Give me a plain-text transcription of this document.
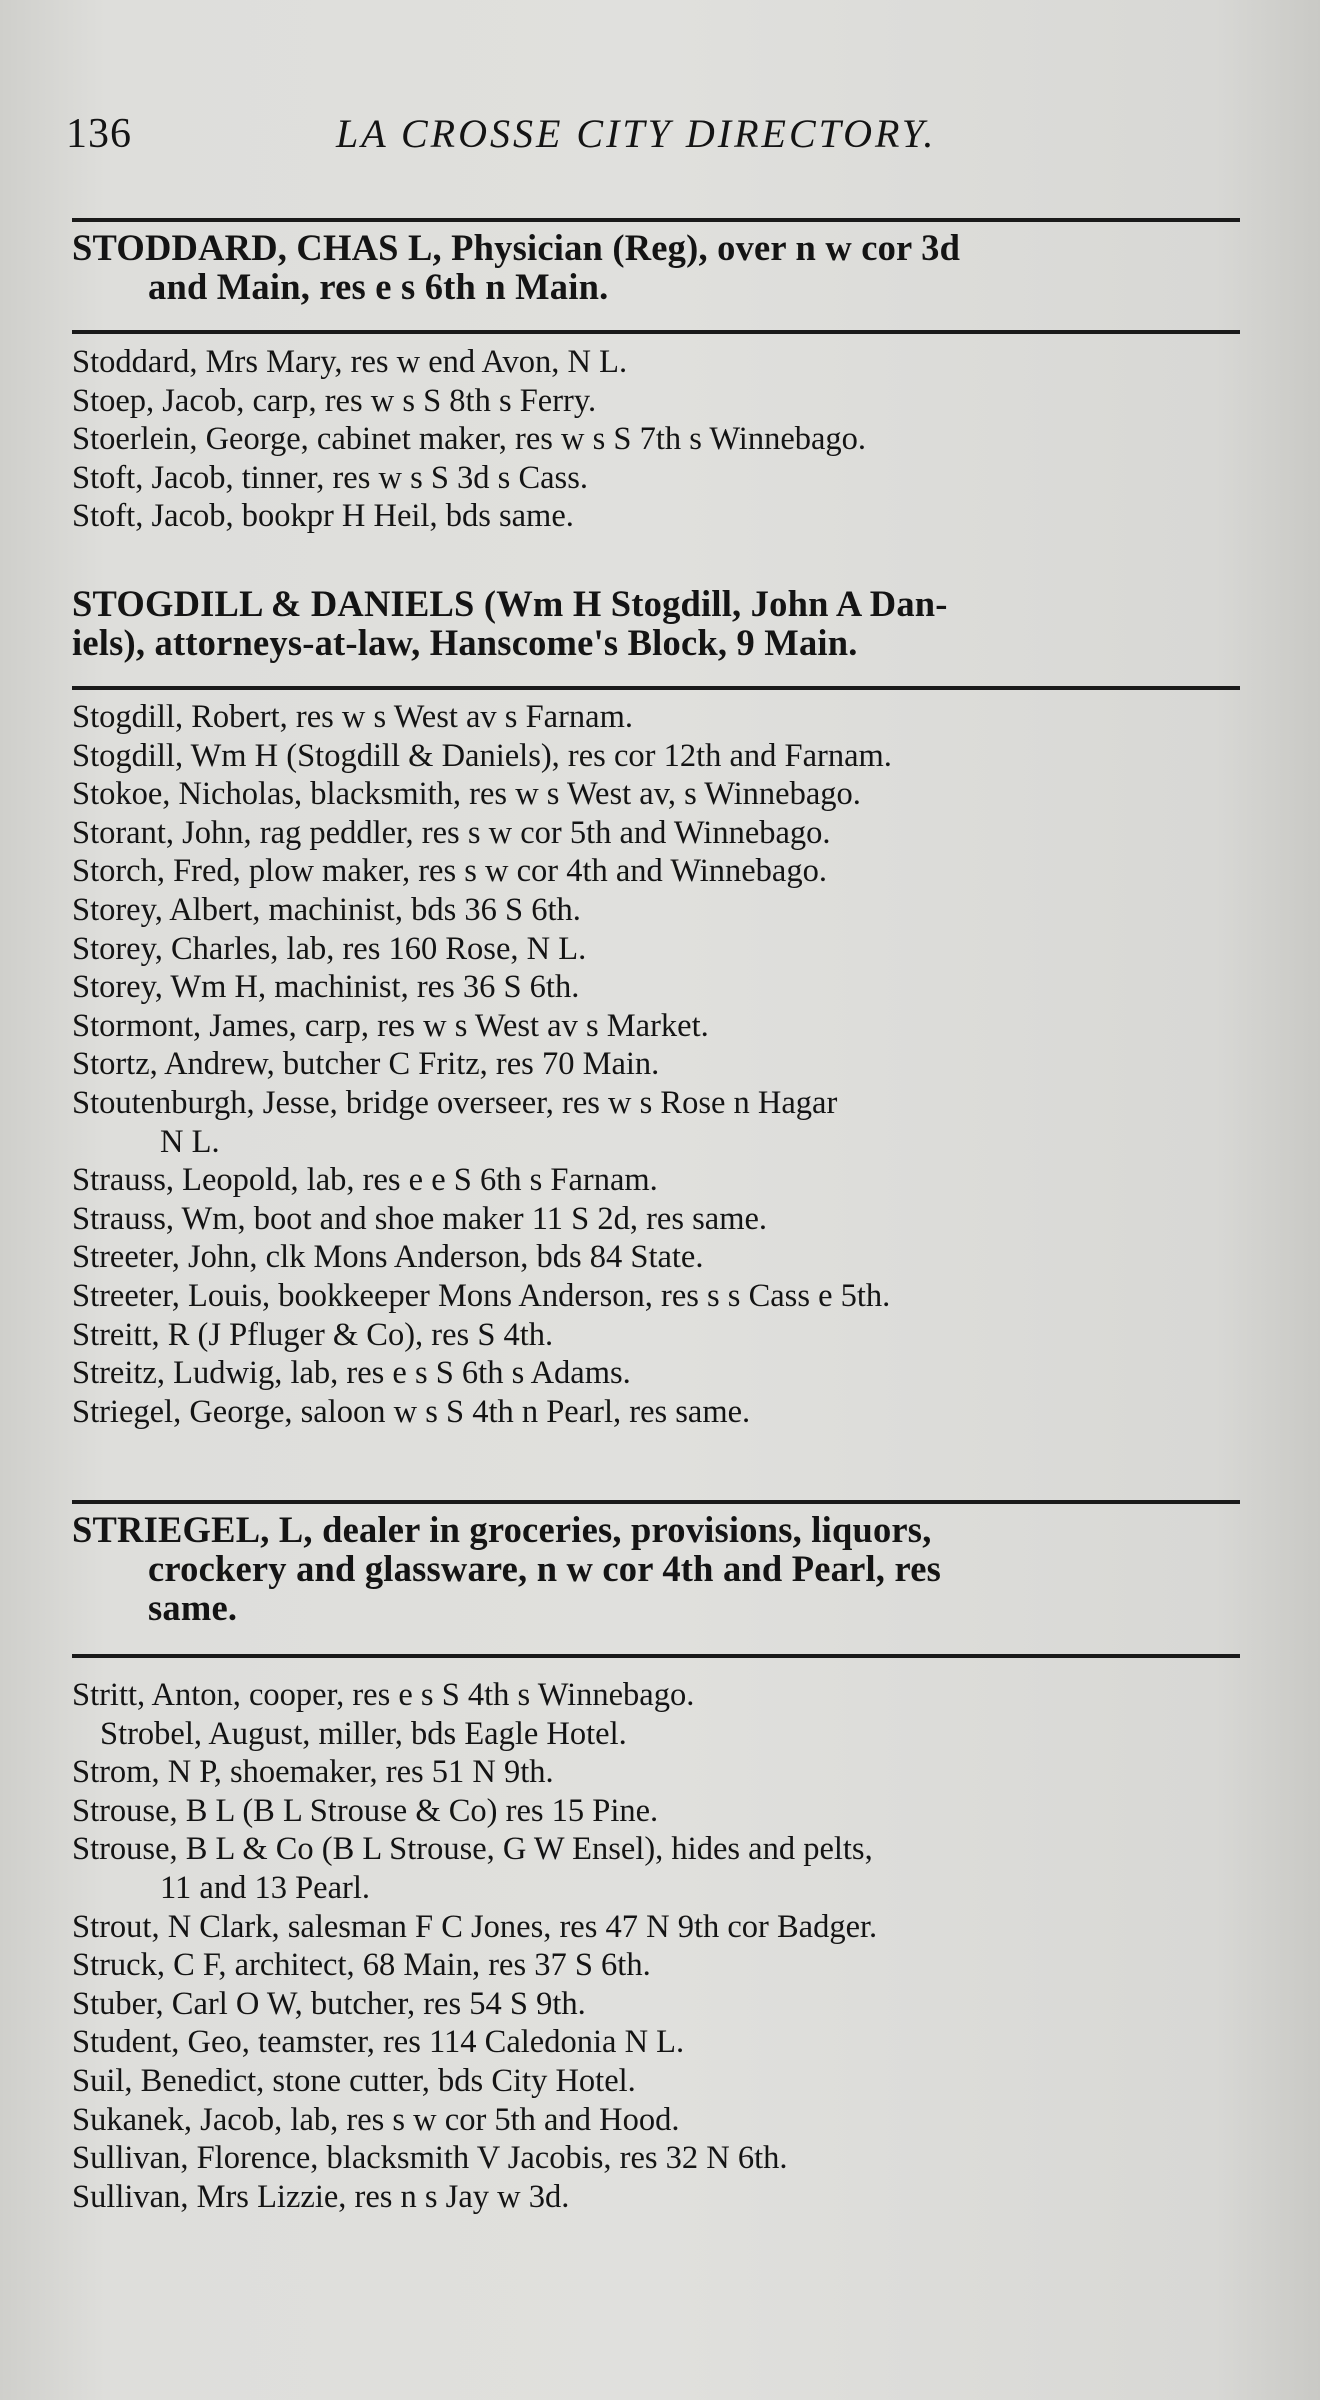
136	LA CROSSE CITY DIRECTORY.
STODDARD, CHAS L, Physician (Reg), over n w cor 3d
and Main, res e s 6th n Main.
Stoddard, Mrs Mary, res w end Avon, N L.
Stoep, Jacob, carp, res w s S 8th s Ferry.
Stoerlein, George, cabinet maker, res w s S 7th s Winnebago.
Stoft, Jacob, tinner, res w s S 3d s Cass.
Stoft, Jacob, bookpr H Heil, bds same.
STOGDILL & DANIELS (Wm H Stogdill, John A Dan-
iels), attorneys-at-law, Hanscome's Block, 9 Main.
Stogdill, Robert, res w s West av s Farnam.
Stogdill, Wm H (Stogdill & Daniels), res cor 12th and Farnam.
Stokoe, Nicholas, blacksmith, res w s West av, s Winnebago.
Storant, John, rag peddler, res s w cor 5th and Winnebago.
Storch, Fred, plow maker, res s w cor 4th and Winnebago.
Storey, Albert, machinist, bds 36 S 6th.
Storey, Charles, lab, res 160 Rose, N L.
Storey, Wm H, machinist, res 36 S 6th.
Stormont, James, carp, res w s West av s Market.
Stortz, Andrew, butcher C Fritz, res 70 Main.
Stoutenburgh, Jesse, bridge overseer, res w s Rose n Hagar
N L.
Strauss, Leopold, lab, res e e S 6th s Farnam.
Strauss, Wm, boot and shoe maker 11 S 2d, res same.
Streeter, John, clk Mons Anderson, bds 84 State.
Streeter, Louis, bookkeeper Mons Anderson, res s s Cass e 5th.
Streitt, R (J Pfluger & Co), res S 4th.
Streitz, Ludwig, lab, res e s S 6th s Adams.
Striegel, George, saloon w s S 4th n Pearl, res same.
STRIEGEL, L, dealer in groceries, provisions, liquors,
crockery and glassware, n w cor 4th and Pearl, res
same.
Stritt, Anton, cooper, res e s S 4th s Winnebago.
Strobel, August, miller, bds Eagle Hotel.
Strom, N P, shoemaker, res 51 N 9th.
Strouse, B L (B L Strouse & Co) res 15 Pine.
Strouse, B L & Co (B L Strouse, G W Ensel), hides and pelts,
11 and 13 Pearl.
Strout, N Clark, salesman F C Jones, res 47 N 9th cor Badger.
Struck, C F, architect, 68 Main, res 37 S 6th.
Stuber, Carl O W, butcher, res 54 S 9th.
Student, Geo, teamster, res 114 Caledonia N L.
Suil, Benedict, stone cutter, bds City Hotel.
Sukanek, Jacob, lab, res s w cor 5th and Hood.
Sullivan, Florence, blacksmith V Jacobis, res 32 N 6th.
Sullivan, Mrs Lizzie, res n s Jay w 3d.
